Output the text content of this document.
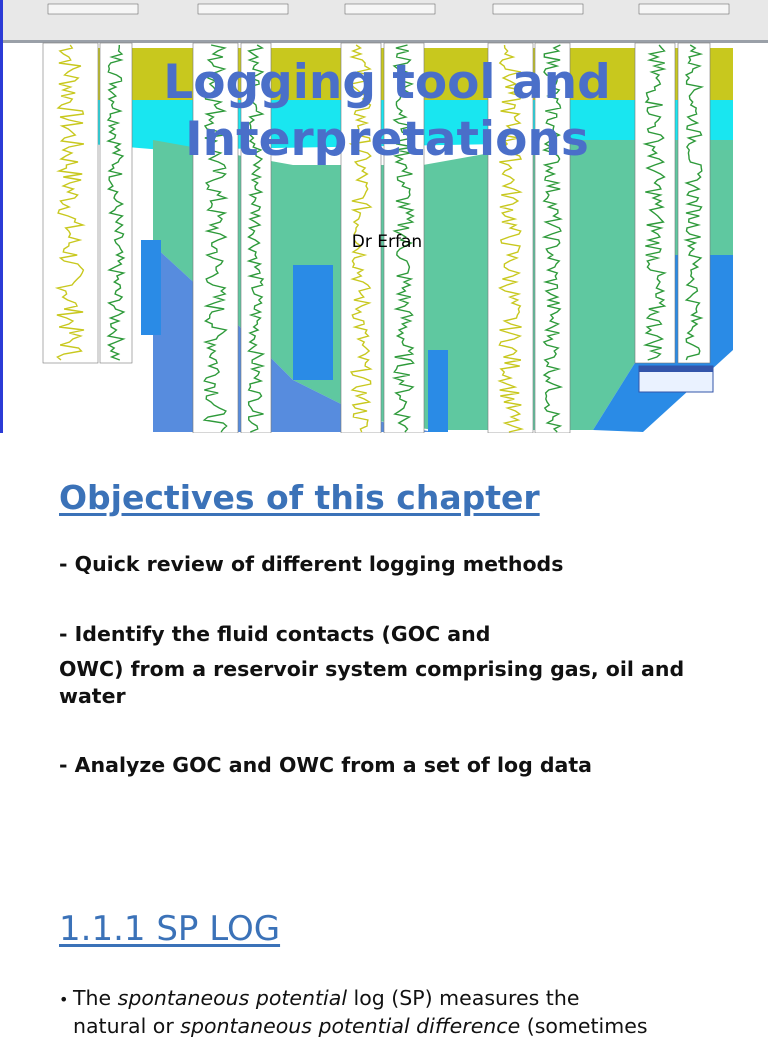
Logging tool and
Interpretations
Dr Erfan
Objectives of this chapter

- Quick review of different logging methods

- Identify the fluid contacts (GOC and

OWC) from a reservoir system comprising gas, oil and water

- Analyze GOC and OWC from a set of log data

1.1.1 SP LOG

• The spontaneous potential log (SP) measures the
natural or spontaneous potential difference (sometimes
